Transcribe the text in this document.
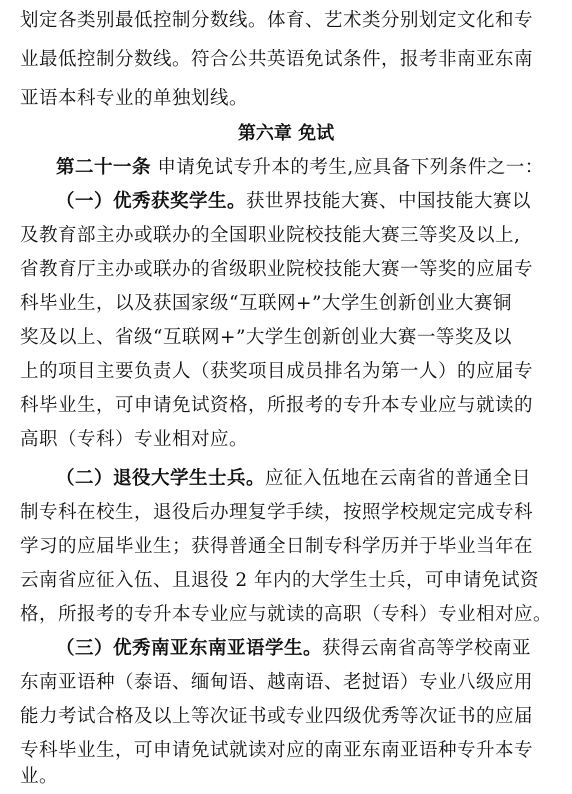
划定各类别最低控制分数线。体育、艺术类分别划定文化和专
业最低控制分数线。符合公共英语免试条件，报考非南亚东南
亚语本科专业的单独划线。
第六章 免试
第二十一条 申请免试专升本的考生,应具备下列条件之一：
（一）优秀获奖学生。获世界技能大赛、中国技能大赛以
及教育部主办或联办的全国职业院校技能大赛三等奖及以上,
省教育厅主办或联办的省级职业院校技能大赛一等奖的应届专
科毕业生，以及获国家级“互联网+”大学生创新创业大赛铜
奖及以上、省级“互联网+”大学生创新创业大赛一等奖及以
上的项目主要负责人（获奖项目成员排名为第一人）的应届专
科毕业生，可申请免试资格，所报考的专升本专业应与就读的
高职（专科）专业相对应。
（二）退役大学生士兵。应征入伍地在云南省的普通全日
制专科在校生，退役后办理复学手续，按照学校规定完成专科
学习的应届毕业生；获得普通全日制专科学历并于毕业当年在
云南省应征入伍、且退役 2 年内的大学生士兵，可申请免试资
格，所报考的专升本专业应与就读的高职（专科）专业相对应。
（三）优秀南亚东南亚语学生。获得云南省高等学校南亚
东南亚语种（泰语、缅甸语、越南语、老挝语）专业八级应用
能力考试合格及以上等次证书或专业四级优秀等次证书的应届
专科毕业生，可申请免试就读对应的南亚东南亚语种专升本专
业。
